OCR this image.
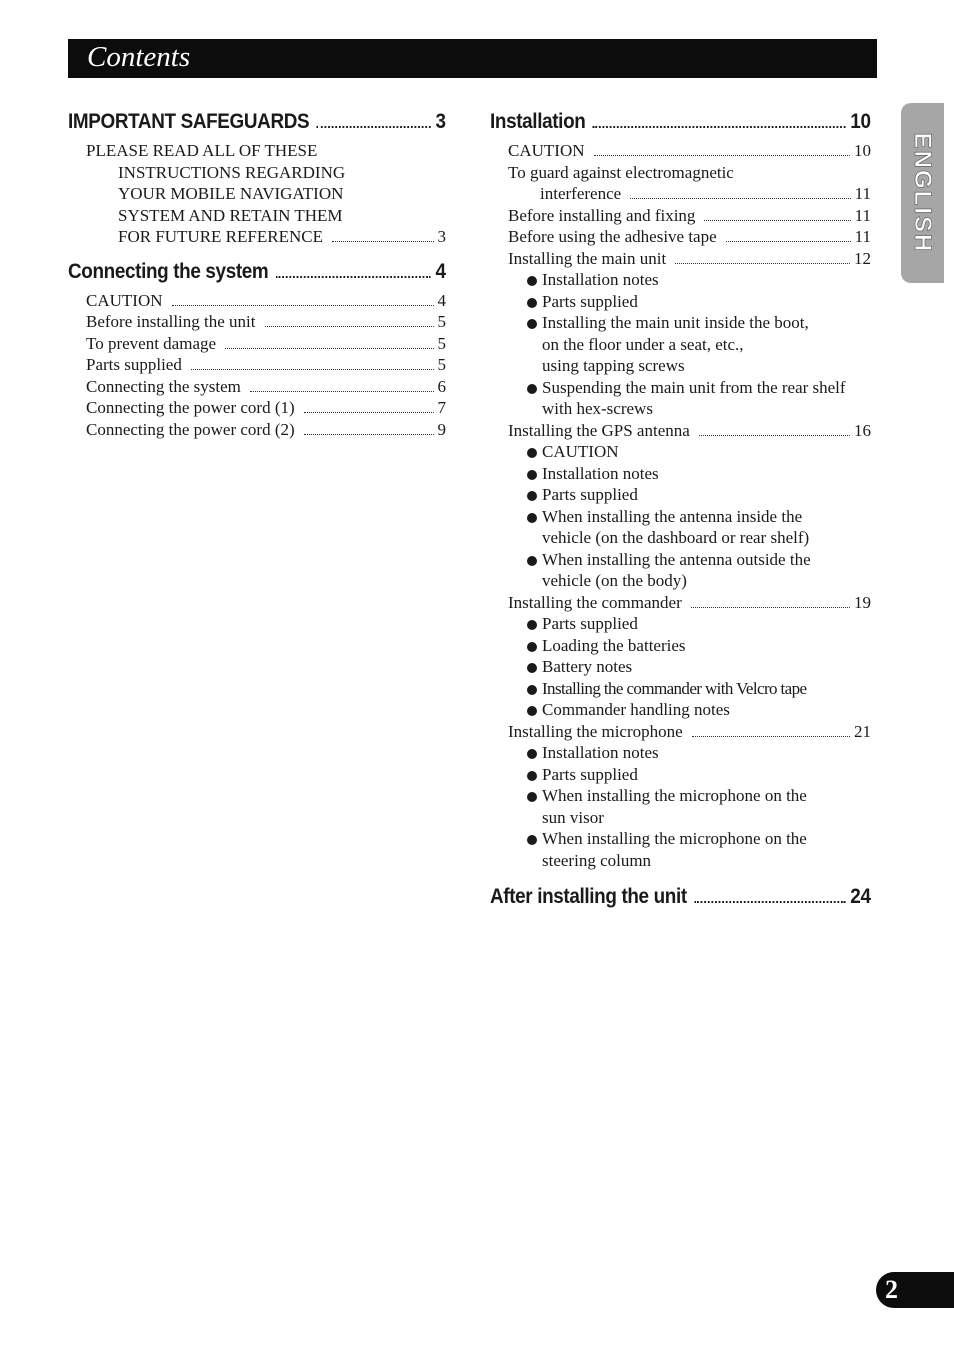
Contents
ENGLISH
IMPORTANT SAFEGUARDS	3
PLEASE READ ALL OF THESE
INSTRUCTIONS REGARDING
YOUR MOBILE NAVIGATION
SYSTEM AND RETAIN THEM
FOR FUTURE REFERENCE	3
Connecting the system	4
CAUTION	4
Before installing the unit	5
To prevent damage	5
Parts supplied	5
Connecting the system	6
Connecting the power cord (1)	7
Connecting the power cord (2)	9
Installation	10
CAUTION	10
To guard against electromagnetic
interference	11
Before installing and fixing	11
Before using the adhesive tape	11
Installing the main unit	12
Installation notes
Parts supplied
Installing the main unit inside the boot,
on the floor under a seat, etc.,
using tapping screws
Suspending the main unit from the rear shelf
with hex-screws
Installing the GPS antenna	16
CAUTION
Installation notes
Parts supplied
When installing the antenna inside the
vehicle (on the dashboard or rear shelf)
When installing the antenna outside the
vehicle (on the body)
Installing the commander	19
Parts supplied
Loading the batteries
Battery notes
Installing the commander with Velcro tape
Commander handling notes
Installing the microphone	21
Installation notes
Parts supplied
When installing the microphone on the
sun visor
When installing the microphone on the
steering column
After installing the unit	24
2
